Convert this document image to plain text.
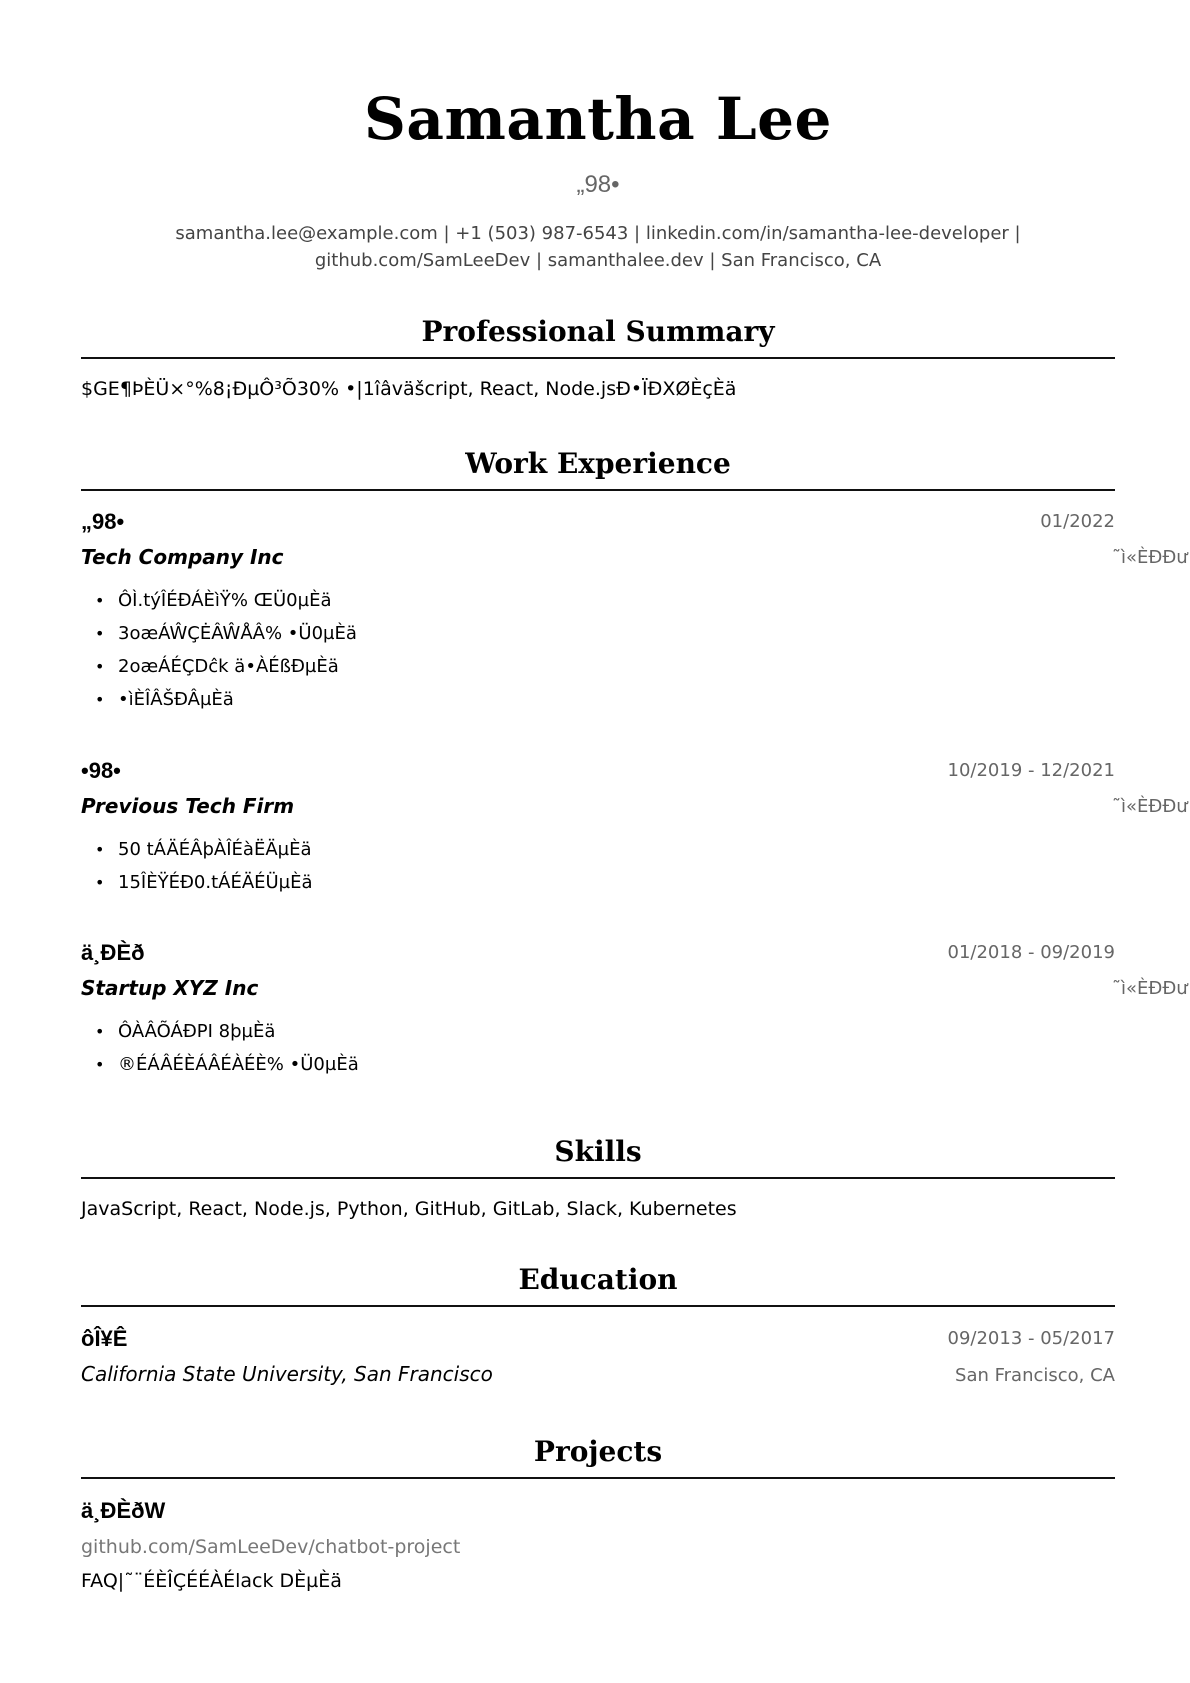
Samantha Lee
„98•
samantha.lee@example.com | +1 (503) 987-6543 | linkedin.com/in/samantha-lee-developer |
github.com/SamLeeDev | samanthalee.dev | San Francisco, CA
Professional Summary
$GE¶ÞÈÜ×°%8¡ÐµÔ³Õ30% •|1îâväšcript, React, Node.jsĐ•ÏÐXØÈçÈä
Work Experience
„98•	01/2022
Tech Company Inc	˜ì«ÈĐĐư
• ÔÌ.týÎÉÐÁÈìŸ% ŒÜ0µÈä
• 3oæÁŴÇĖÂŴÅÂ% •Ü0µÈä
• 2oæÁÉÇDĉk ä•ÀÉßÐµÈä
• •ìÈÎÂŠÐÂµÈä
•98•	10/2019 - 12/2021
Previous Tech Firm	˜ì«ÈĐĐư
• 50 tÁÄÉÂþÀÎÉàËÄµÈä
• 15ÎÈŸÉÐ0.tÁÉÄÉÜµÈä
ä¸ĐÈð	01/2018 - 09/2019
Startup XYZ Inc	˜ì«ÈĐĐư
• ÔÀÂÕÁÐPI 8þµÈä
• ®ÉÁÂÉÈÁÂÉÀÉÈ% •Ü0µÈä
Skills
JavaScript, React, Node.js, Python, GitHub, GitLab, Slack, Kubernetes
Education
ôÎ¥Ê	09/2013 - 05/2017
California State University, San Francisco	San Francisco, CA
Projects
ä¸ÐÈðW
github.com/SamLeeDev/chatbot-project
FAQ|˜¨ÉÈÎÇÉÉÀÉlack DÈµÈä
